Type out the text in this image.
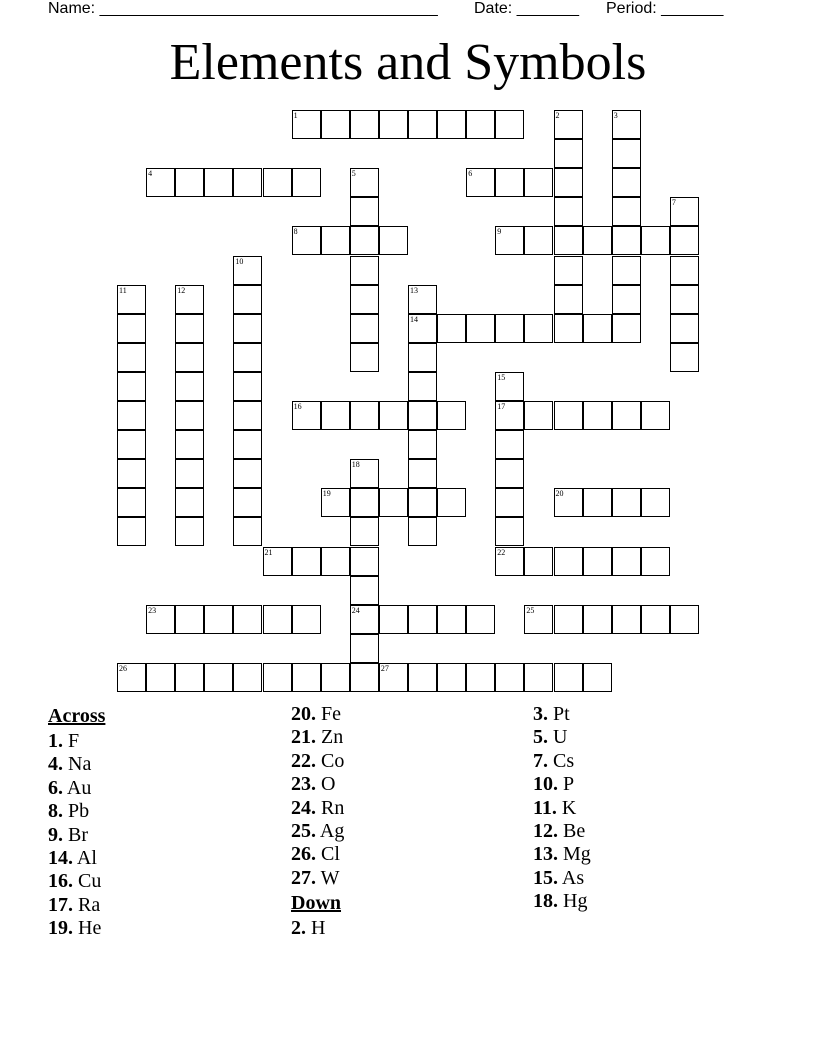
Name: ______________________________________ Date: _______ Period: _______
Elements and Symbols
1	2	3
4	5	6
7
8	9
10
11	12	13
14
15
17
16
18
24
19	20
21	22
23	25
26	27
Across
1. F
4. Na
6. Au
8. Pb
9. Br
14. Al
16. Cu
17. Ra
19. He
20. Fe
21. Zn
22. Co
23. O
24. Rn
25. Ag
26. Cl
27. W
Down
2. H
3. Pt
5. U
7. Cs
10. P
11. K
12. Be
13. Mg
15. As
18. Hg
